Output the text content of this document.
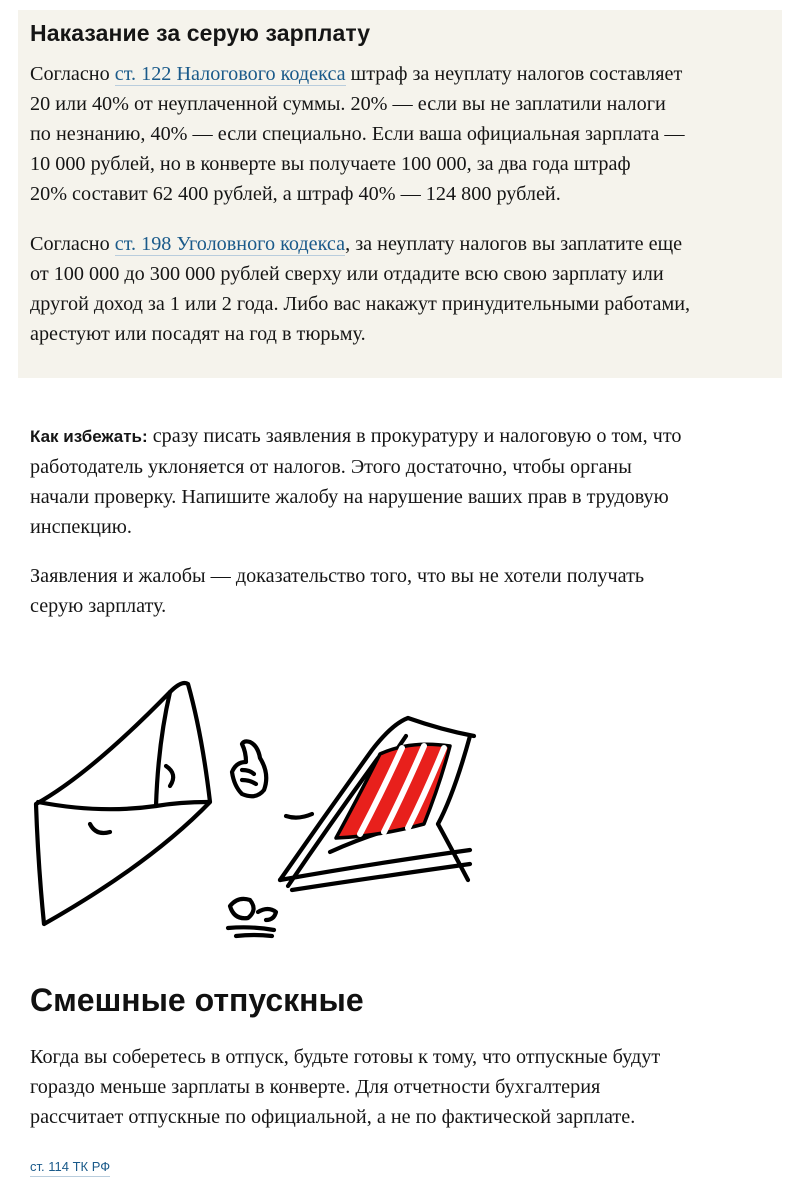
Наказание за серую зарплату

Согласно ст. 122 Налогового кодекса штраф за неуплату налогов составляет
20 или 40% от неуплаченной суммы. 20% — если вы не заплатили налоги
по незнанию, 40% — если специально. Если ваша официальная зарплата —
10 000 рублей, но в конверте вы получаете 100 000, за два года штраф
20% составит 62 400 рублей, а штраф 40% — 124 800 рублей.

Согласно ст. 198 Уголовного кодекса, за неуплату налогов вы заплатите еще
от 100 000 до 300 000 рублей сверху или отдадите всю свою зарплату или
другой доход за 1 или 2 года. Либо вас накажут принудительными работами,
арестуют или посадят на год в тюрьму.

Как избежать: сразу писать заявления в прокуратуру и налоговую о том, что
работодатель уклоняется от налогов. Этого достаточно, чтобы органы
начали проверку. Напишите жалобу на нарушение ваших прав в трудовую
инспекцию.

Заявления и жалобы — доказательство того, что вы не хотели получать
серую зарплату.

Смешные отпускные

Когда вы соберетесь в отпуск, будьте готовы к тому, что отпускные будут
гораздо меньше зарплаты в конверте. Для отчетности бухгалтерия
рассчитает отпускные по официальной, а не по фактической зарплате.

ст. 114 ТК РФ
